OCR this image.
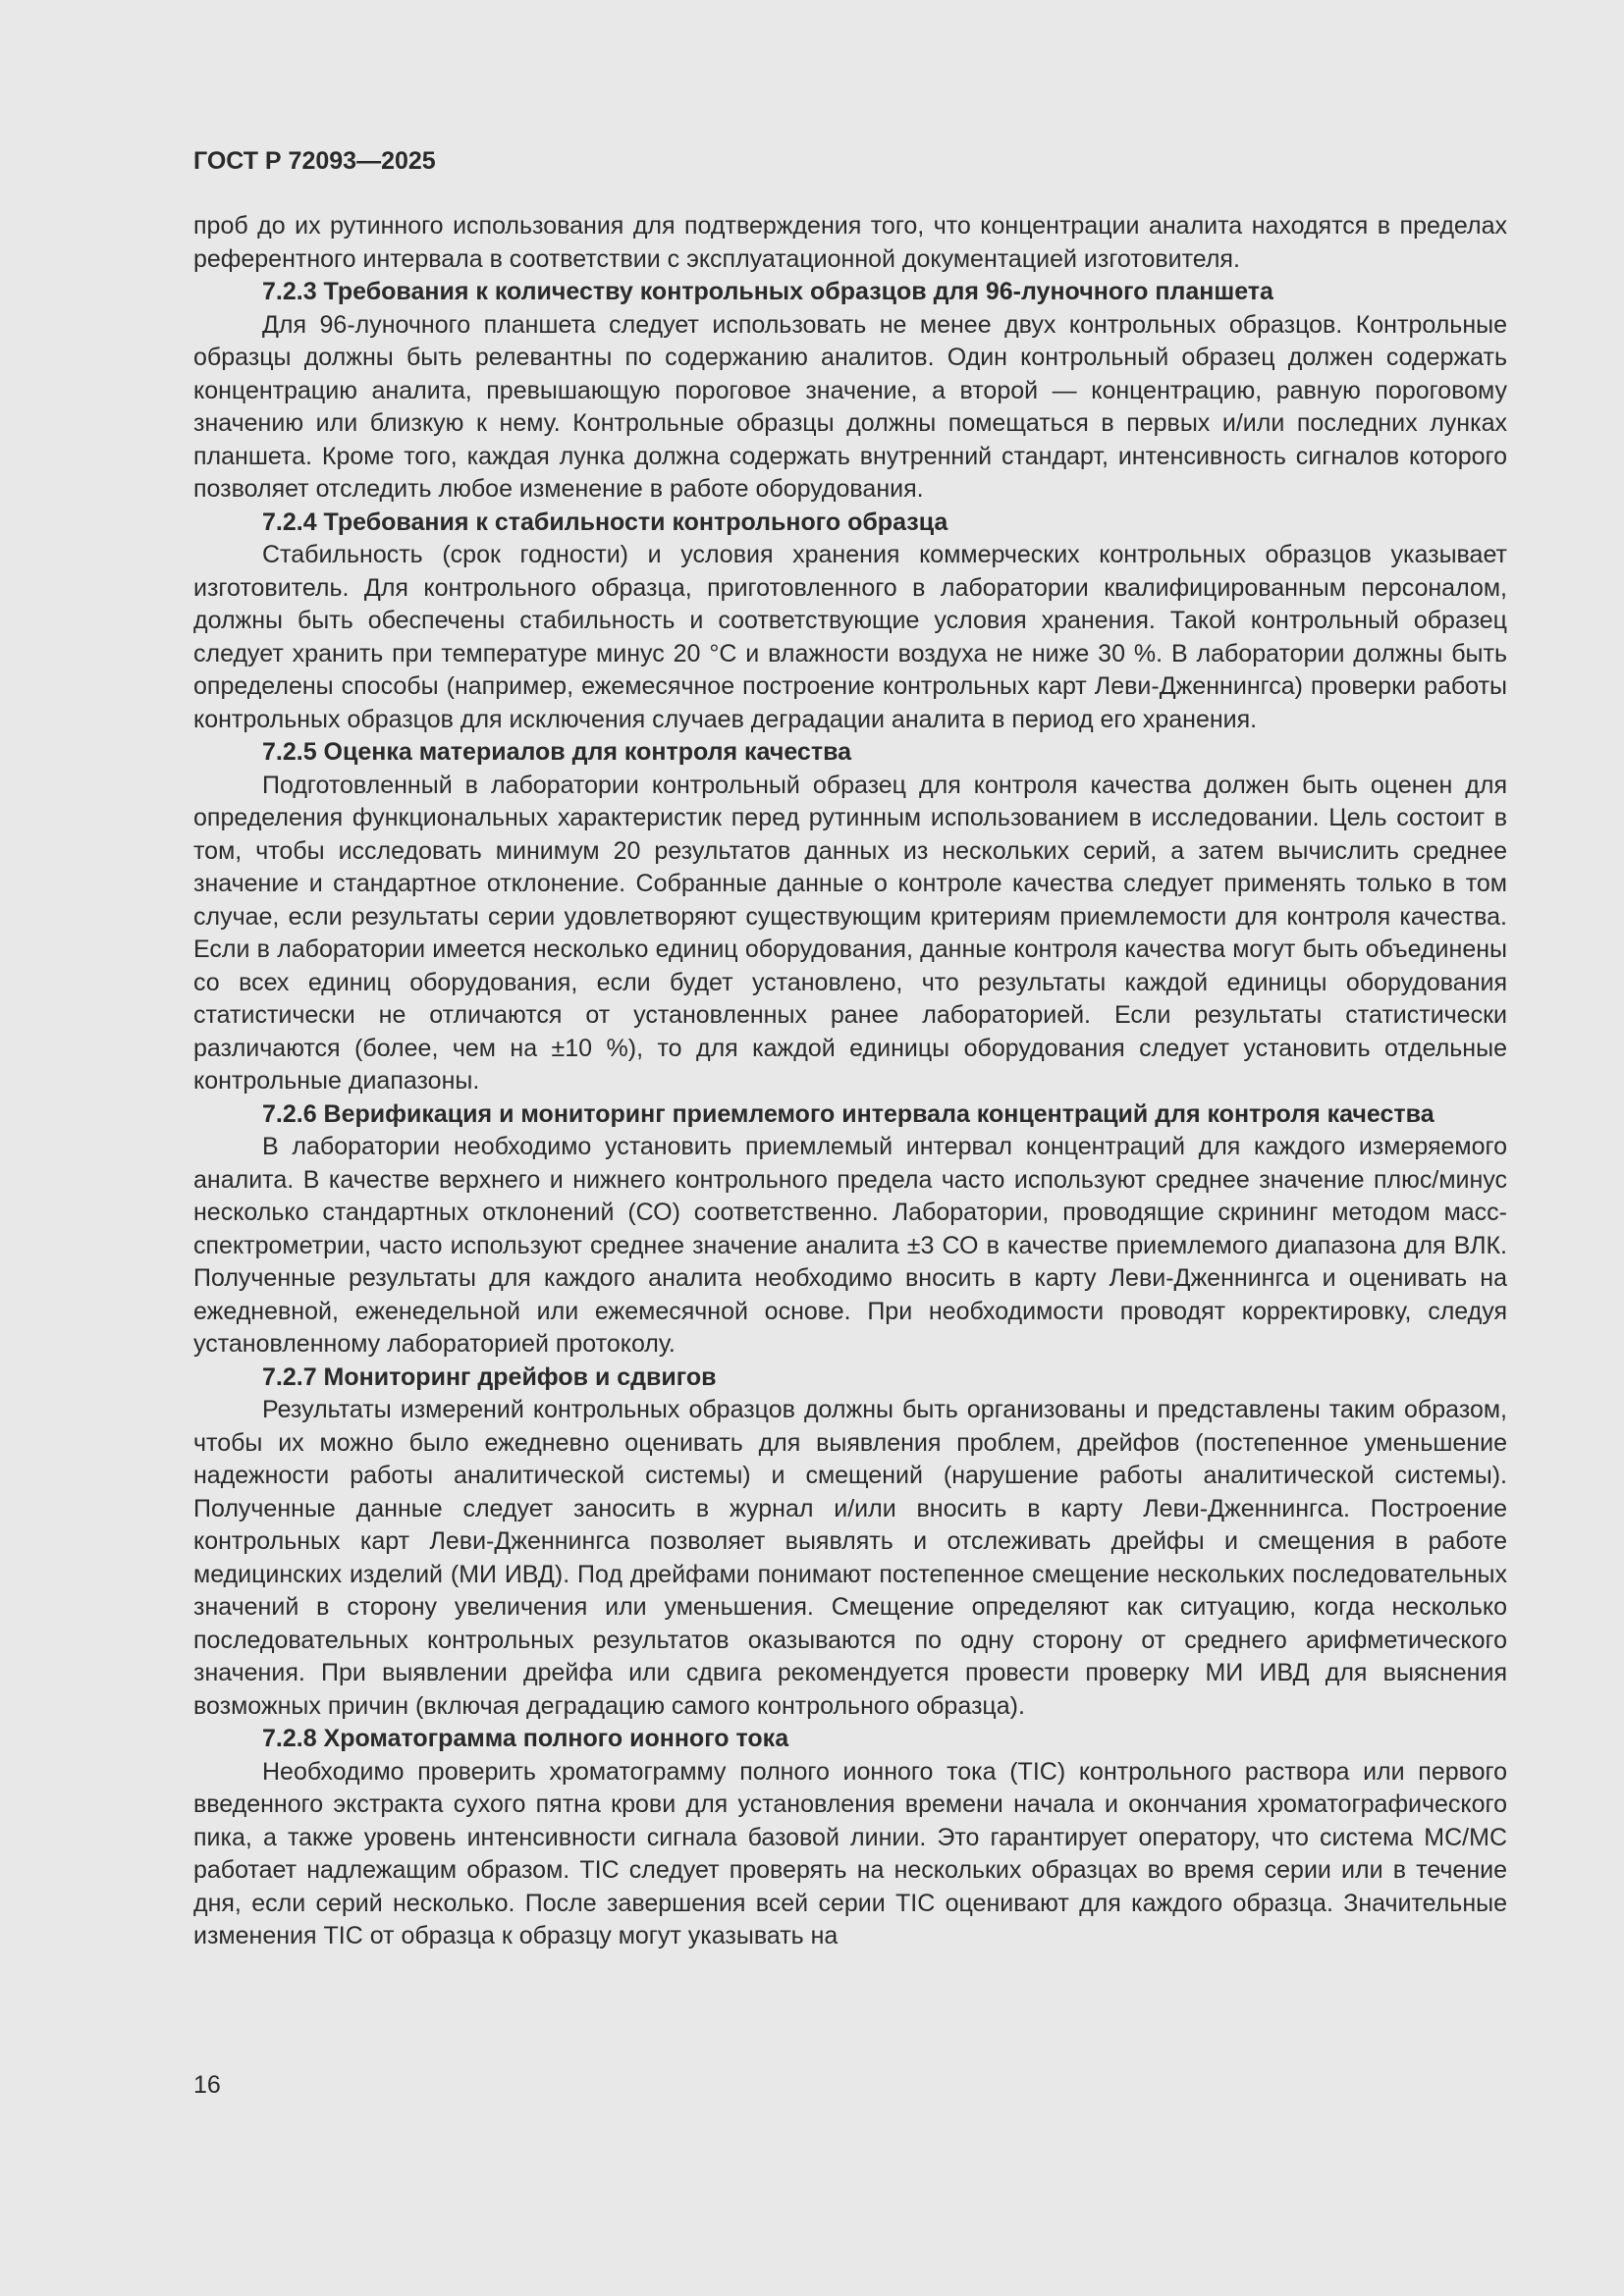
ГОСТ Р 72093—2025

проб до их рутинного использования для подтверждения того, что концентрации аналита находятся в пределах референтного интервала в соответствии с эксплуатационной документацией изготовителя.

7.2.3 Требования к количеству контрольных образцов для 96-луночного планшета

Для 96-луночного планшета следует использовать не менее двух контрольных образцов. Контрольные образцы должны быть релевантны по содержанию аналитов. Один контрольный образец должен содержать концентрацию аналита, превышающую пороговое значение, а второй — концентрацию, равную пороговому значению или близкую к нему. Контрольные образцы должны помещаться в первых и/или последних лунках планшета. Кроме того, каждая лунка должна содержать внутренний стандарт, интенсивность сигналов которого позволяет отследить любое изменение в работе оборудования.

7.2.4 Требования к стабильности контрольного образца

Стабильность (срок годности) и условия хранения коммерческих контрольных образцов указывает изготовитель. Для контрольного образца, приготовленного в лаборатории квалифицированным персоналом, должны быть обеспечены стабильность и соответствующие условия хранения. Такой контрольный образец следует хранить при температуре минус 20 °С и влажности воздуха не ниже 30 %. В лаборатории должны быть определены способы (например, ежемесячное построение контрольных карт Леви-Дженнингса) проверки работы контрольных образцов для исключения случаев деградации аналита в период его хранения.

7.2.5 Оценка материалов для контроля качества

Подготовленный в лаборатории контрольный образец для контроля качества должен быть оценен для определения функциональных характеристик перед рутинным использованием в исследовании. Цель состоит в том, чтобы исследовать минимум 20 результатов данных из нескольких серий, а затем вычислить среднее значение и стандартное отклонение. Собранные данные о контроле качества следует применять только в том случае, если результаты серии удовлетворяют существующим критериям приемлемости для контроля качества. Если в лаборатории имеется несколько единиц оборудования, данные контроля качества могут быть объединены со всех единиц оборудования, если будет установлено, что результаты каждой единицы оборудования статистически не отличаются от установленных ранее лабораторией. Если результаты статистически различаются (более, чем на ±10 %), то для каждой единицы оборудования следует установить отдельные контрольные диапазоны.

7.2.6 Верификация и мониторинг приемлемого интервала концентраций для контроля качества

В лаборатории необходимо установить приемлемый интервал концентраций для каждого измеряемого аналита. В качестве верхнего и нижнего контрольного предела часто используют среднее значение плюс/минус несколько стандартных отклонений (СО) соответственно. Лаборатории, проводящие скрининг методом масс-спектрометрии, часто используют среднее значение аналита ±3 СО в качестве приемлемого диапазона для ВЛК. Полученные результаты для каждого аналита необходимо вносить в карту Леви-Дженнингса и оценивать на ежедневной, еженедельной или ежемесячной основе. При необходимости проводят корректировку, следуя установленному лабораторией протоколу.

7.2.7 Мониторинг дрейфов и сдвигов

Результаты измерений контрольных образцов должны быть организованы и представлены таким образом, чтобы их можно было ежедневно оценивать для выявления проблем, дрейфов (постепенное уменьшение надежности работы аналитической системы) и смещений (нарушение работы аналитической системы). Полученные данные следует заносить в журнал и/или вносить в карту Леви-Дженнингса. Построение контрольных карт Леви-Дженнингса позволяет выявлять и отслеживать дрейфы и смещения в работе медицинских изделий (МИ ИВД). Под дрейфами понимают постепенное смещение нескольких последовательных значений в сторону увеличения или уменьшения. Смещение определяют как ситуацию, когда несколько последовательных контрольных результатов оказываются по одну сторону от среднего арифметического значения. При выявлении дрейфа или сдвига рекомендуется провести проверку МИ ИВД для выяснения возможных причин (включая деградацию самого контрольного образца).

7.2.8 Хроматограмма полного ионного тока

Необходимо проверить хроматограмму полного ионного тока (TIC) контрольного раствора или первого введенного экстракта сухого пятна крови для установления времени начала и окончания хроматографического пика, а также уровень интенсивности сигнала базовой линии. Это гарантирует оператору, что система МС/МС работает надлежащим образом. TIC следует проверять на нескольких образцах во время серии или в течение дня, если серий несколько. После завершения всей серии TIC оценивают для каждого образца. Значительные изменения TIC от образца к образцу могут указывать на

16
